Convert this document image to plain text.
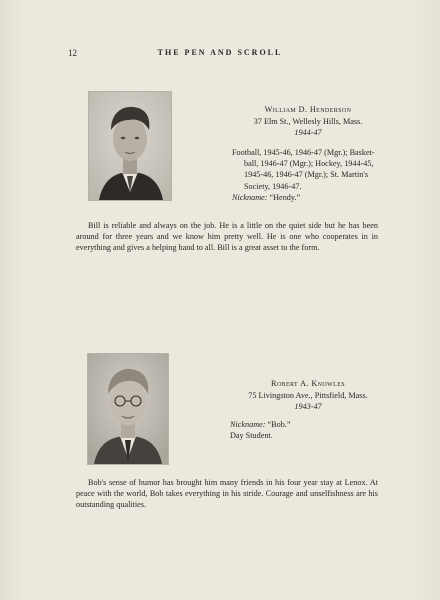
12	THE PEN AND SCROLL
William D. Henderson
37 Elm St., Wellesly Hills, Mass.
1944-47

Football, 1945-46, 1946-47 (Mgr.); Basket-ball, 1946-47 (Mgr.); Hockey, 1944-45, 1945-46, 1946-47 (Mgr.); St. Martin's Society, 1946-47.

Nickname: “Hendy.”

Bill is reliable and always on the job. He is a little on the quiet side but he has been around for three years and we know him pretty well. He is one who cooperates in in everything and gives a helping hand to all. Bill is a great asset to the form.

Robert A. Knowles
75 Livingston Ave., Pittsfield, Mass.
1943-47

Nickname: “Bob.”

Day Student.

Bob's sense of humor has brought him many friends in his four year stay at Lenox. At peace with the world, Bob takes everything in his stride. Courage and unselfishness are his outstanding qualities.
